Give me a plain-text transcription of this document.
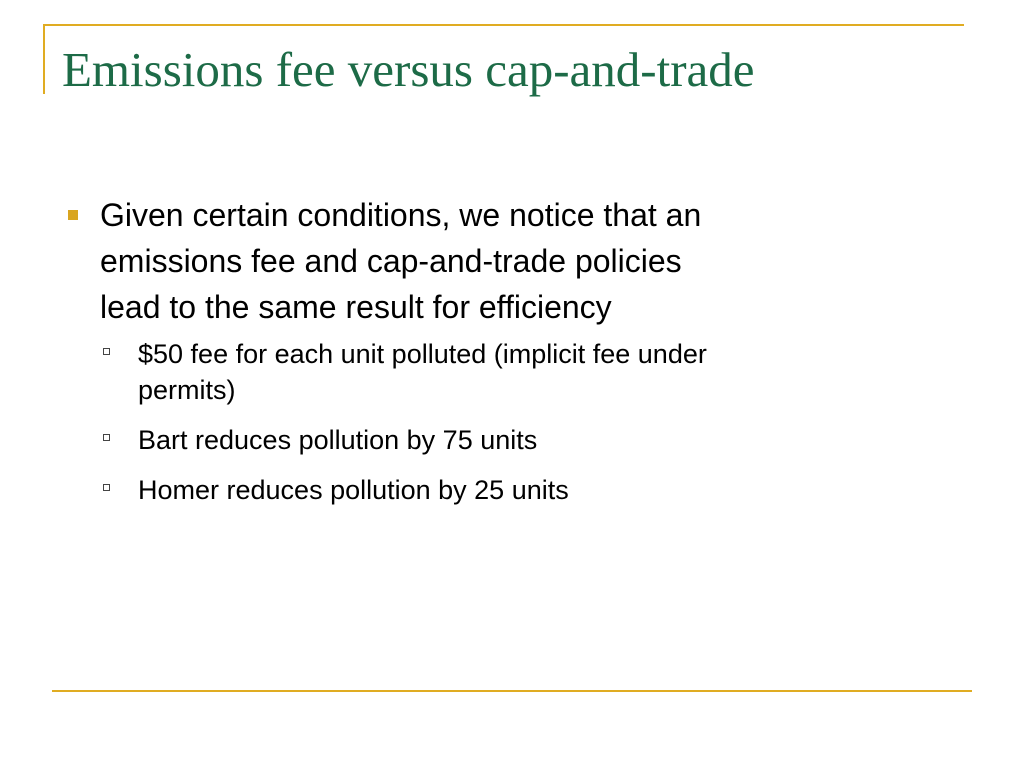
Emissions fee versus cap-and-trade
Given certain conditions, we notice that an emissions fee and cap-and-trade policies lead to the same result for efficiency
$50 fee for each unit polluted (implicit fee under permits)
Bart reduces pollution by 75 units
Homer reduces pollution by 25 units
